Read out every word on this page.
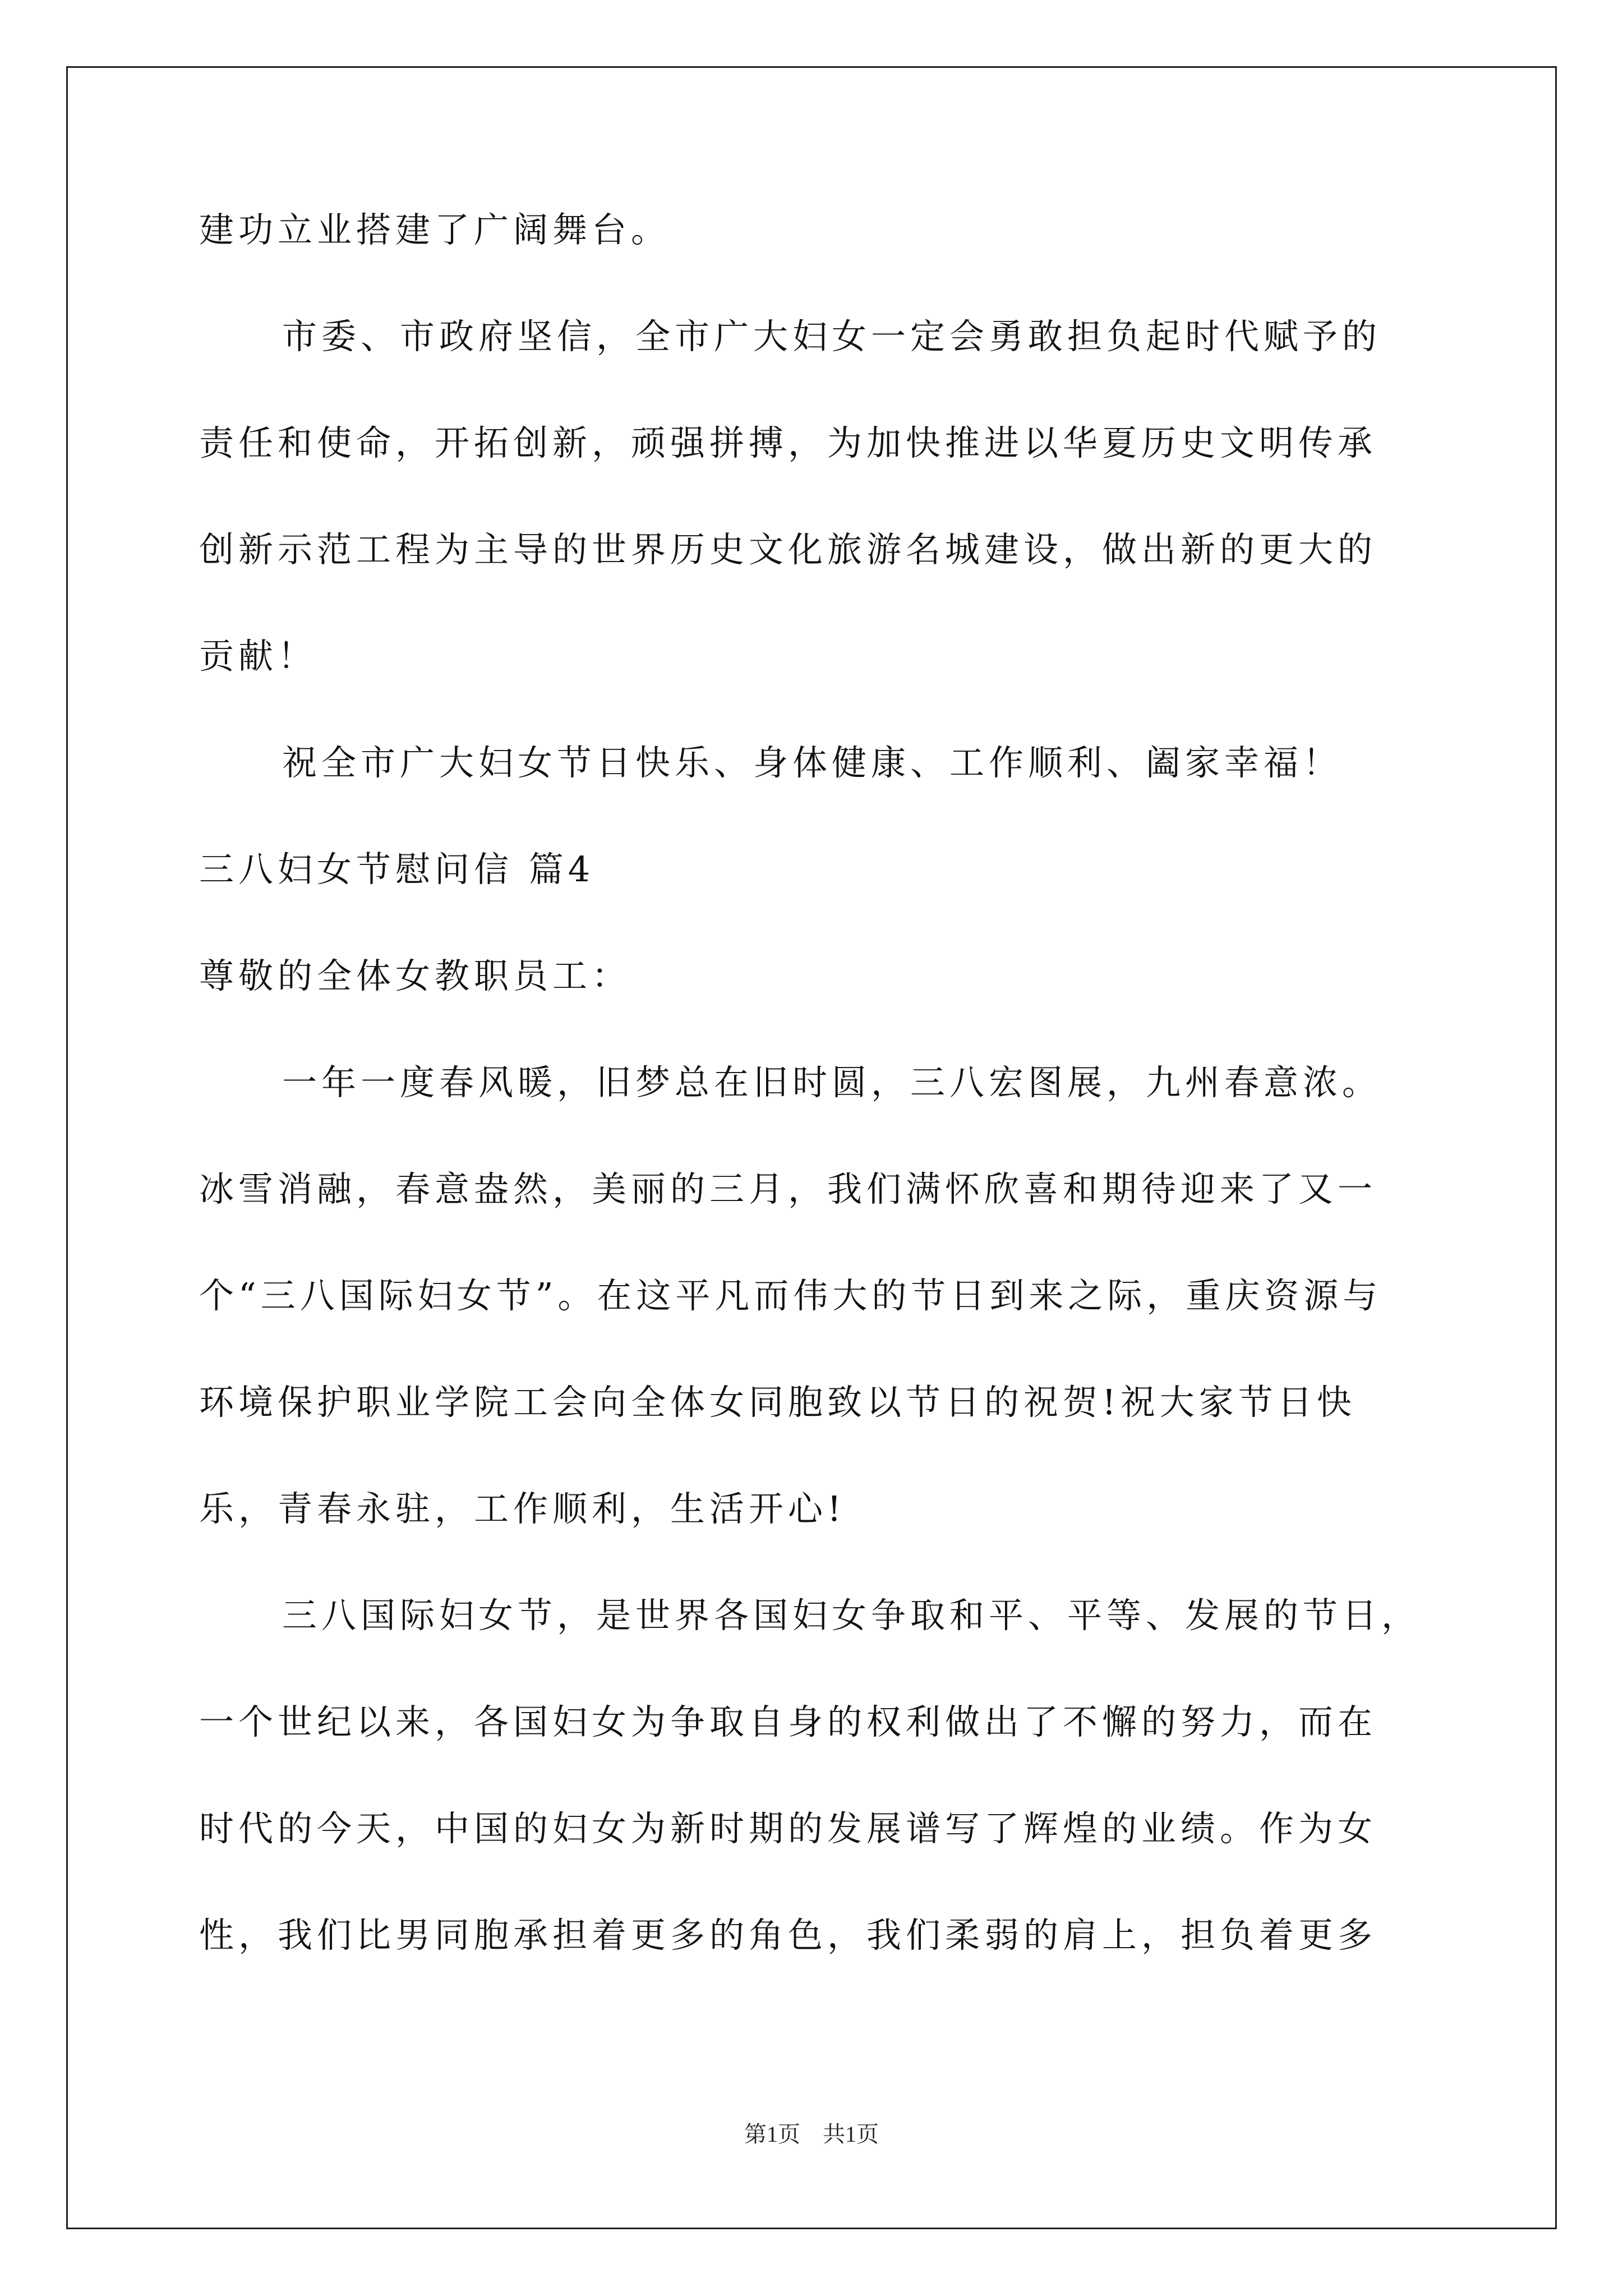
建功立业搭建了广阔舞台。
市委、市政府坚信，全市广大妇女一定会勇敢担负起时代赋予的
责任和使命，开拓创新，顽强拼搏，为加快推进以华夏历史文明传承
创新示范工程为主导的世界历史文化旅游名城建设，做出新的更大的
贡献！
祝全市广大妇女节日快乐、身体健康、工作顺利、阖家幸福！
三八妇女节慰问信 篇4
尊敬的全体女教职员工：
一年一度春风暖，旧梦总在旧时圆，三八宏图展，九州春意浓。
冰雪消融，春意盎然，美丽的三月，我们满怀欣喜和期待迎来了又一
个“三八国际妇女节”。在这平凡而伟大的节日到来之际，重庆资源与
环境保护职业学院工会向全体女同胞致以节日的祝贺!祝大家节日快
乐，青春永驻，工作顺利，生活开心!
三八国际妇女节，是世界各国妇女争取和平、平等、发展的节日，
一个世纪以来，各国妇女为争取自身的权利做出了不懈的努力，而在
时代的今天，中国的妇女为新时期的发展谱写了辉煌的业绩。作为女
性，我们比男同胞承担着更多的角色，我们柔弱的肩上，担负着更多
第1页　共1页
